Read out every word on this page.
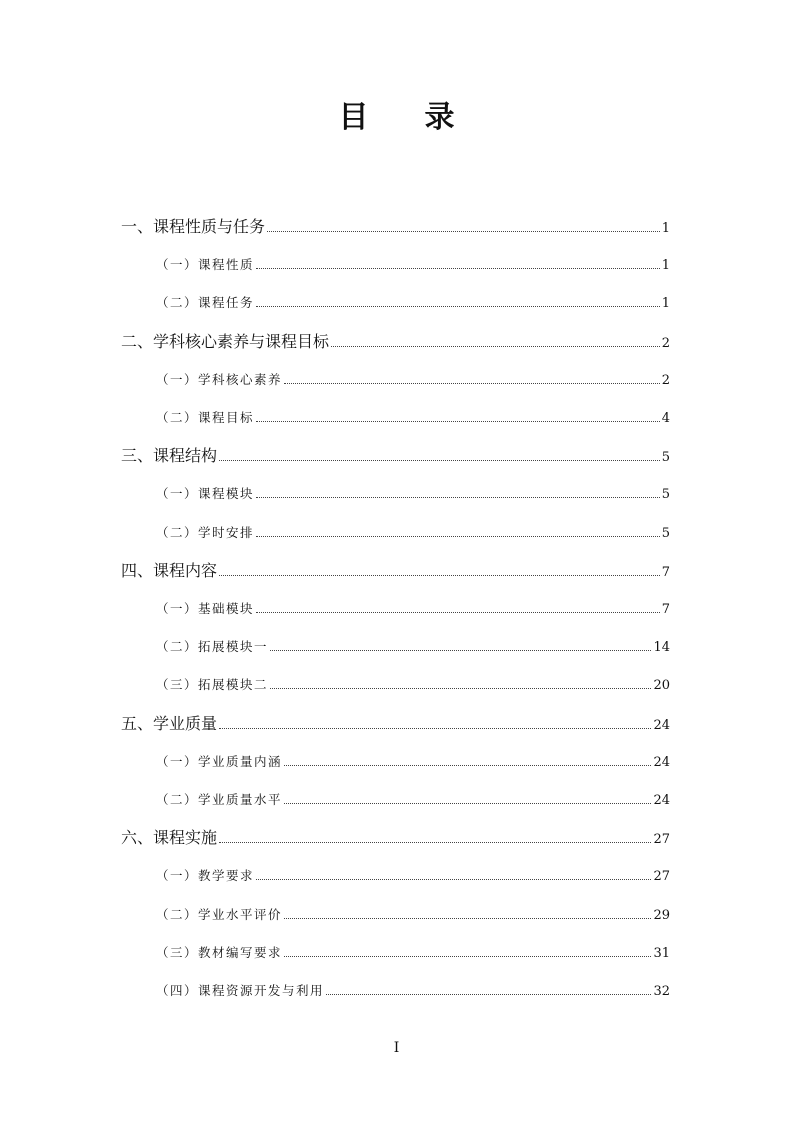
目录
一、课程性质与任务	1
（一）课程性质	1
（二）课程任务	1
二、学科核心素养与课程目标	2
（一）学科核心素养	2
（二）课程目标	4
三、课程结构	5
（一）课程模块	5
（二）学时安排	5
四、课程内容	7
（一）基础模块	7
（二）拓展模块一	14
（三）拓展模块二	20
五、学业质量	24
（一）学业质量内涵	24
（二）学业质量水平	24
六、课程实施	27
（一）教学要求	27
（二）学业水平评价	29
（三）教材编写要求	31
（四）课程资源开发与利用	32
I
